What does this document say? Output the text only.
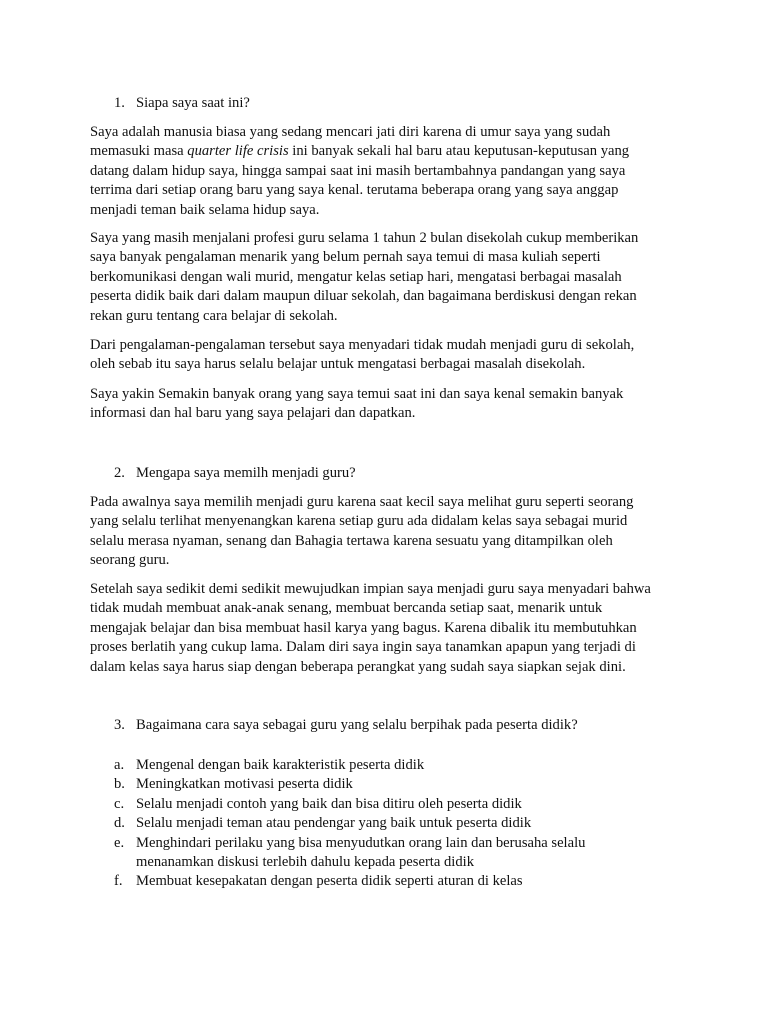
1. Siapa saya saat ini?

Saya adalah manusia biasa yang sedang mencari jati diri karena di umur saya yang sudah
memasuki masa quarter life crisis ini banyak sekali hal baru atau keputusan-keputusan yang
datang dalam hidup saya, hingga sampai saat ini masih bertambahnya pandangan yang saya
terrima dari setiap orang baru yang saya kenal. terutama beberapa orang yang saya anggap
menjadi teman baik selama hidup saya.

Saya yang masih menjalani profesi guru selama 1 tahun 2 bulan disekolah cukup memberikan
saya banyak pengalaman menarik yang belum pernah saya temui di masa kuliah seperti
berkomunikasi dengan wali murid, mengatur kelas setiap hari, mengatasi berbagai masalah
peserta didik baik dari dalam maupun diluar sekolah, dan bagaimana berdiskusi dengan rekan
rekan guru tentang cara belajar di sekolah.

Dari pengalaman-pengalaman tersebut saya menyadari tidak mudah menjadi guru di sekolah,
oleh sebab itu saya harus selalu belajar untuk mengatasi berbagai masalah disekolah.

Saya yakin Semakin banyak orang yang saya temui saat ini dan saya kenal semakin banyak
informasi dan hal baru yang saya pelajari dan dapatkan.

2. Mengapa saya memilh menjadi guru?

Pada awalnya saya memilih menjadi guru karena saat kecil saya melihat guru seperti seorang
yang selalu terlihat menyenangkan karena setiap guru ada didalam kelas saya sebagai murid
selalu merasa nyaman, senang dan Bahagia tertawa karena sesuatu yang ditampilkan oleh
seorang guru.

Setelah saya sedikit demi sedikit mewujudkan impian saya menjadi guru saya menyadari bahwa
tidak mudah membuat anak-anak senang, membuat bercanda setiap saat, menarik untuk
mengajak belajar dan bisa membuat hasil karya yang bagus. Karena dibalik itu membutuhkan
proses berlatih yang cukup lama. Dalam diri saya ingin saya tanamkan apapun yang terjadi di
dalam kelas saya harus siap dengan beberapa perangkat yang sudah saya siapkan sejak dini.

3. Bagaimana cara saya sebagai guru yang selalu berpihak pada peserta didik?
a. Mengenal dengan baik karakteristik peserta didik
b. Meningkatkan motivasi peserta didik
c. Selalu menjadi contoh yang baik dan bisa ditiru oleh peserta didik
d. Selalu menjadi teman atau pendengar yang baik untuk peserta didik
e. Menghindari perilaku yang bisa menyudutkan orang lain dan berusaha selalu
menanamkan diskusi terlebih dahulu kepada peserta didik
f. Membuat kesepakatan dengan peserta didik seperti aturan di kelas
